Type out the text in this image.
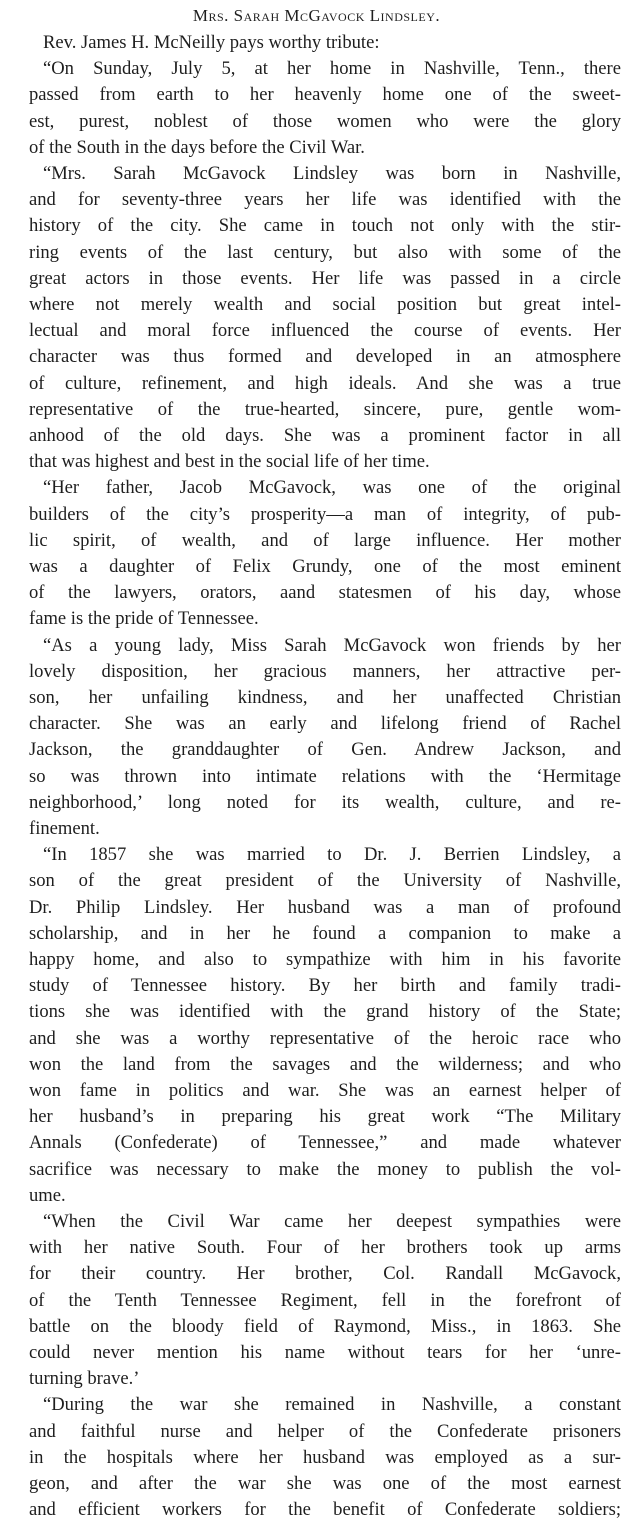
Mrs. Sarah McGavock Lindsley.
Rev. James H. McNeilly pays worthy tribute:
“On Sunday, July 5, at her home in Nashville, Tenn., there
passed from earth to her heavenly home one of the sweet-
est, purest, noblest of those women who were the glory
of the South in the days before the Civil War.
“Mrs. Sarah McGavock Lindsley was born in Nashville,
and for seventy-three years her life was identified with the
history of the city. She came in touch not only with the stir-
ring events of the last century, but also with some of the
great actors in those events. Her life was passed in a circle
where not merely wealth and social position but great intel-
lectual and moral force influenced the course of events. Her
character was thus formed and developed in an atmosphere
of culture, refinement, and high ideals. And she was a true
representative of the true-hearted, sincere, pure, gentle wom-
anhood of the old days. She was a prominent factor in all
that was highest and best in the social life of her time.
“Her father, Jacob McGavock, was one of the original
builders of the city’s prosperity—a man of integrity, of pub-
lic spirit, of wealth, and of large influence. Her mother
was a daughter of Felix Grundy, one of the most eminent
of the lawyers, orators, aand statesmen of his day, whose
fame is the pride of Tennessee.
“As a young lady, Miss Sarah McGavock won friends by her
lovely disposition, her gracious manners, her attractive per-
son, her unfailing kindness, and her unaffected Christian
character. She was an early and lifelong friend of Rachel
Jackson, the granddaughter of Gen. Andrew Jackson, and
so was thrown into intimate relations with the ‘Hermitage
neighborhood,’ long noted for its wealth, culture, and re-
finement.
“In 1857 she was married to Dr. J. Berrien Lindsley, a
son of the great president of the University of Nashville,
Dr. Philip Lindsley. Her husband was a man of profound
scholarship, and in her he found a companion to make a
happy home, and also to sympathize with him in his favorite
study of Tennessee history. By her birth and family tradi-
tions she was identified with the grand history of the State;
and she was a worthy representative of the heroic race who
won the land from the savages and the wilderness; and who
won fame in politics and war. She was an earnest helper of
her husband’s in preparing his great work “The Military
Annals (Confederate) of Tennessee,” and made whatever
sacrifice was necessary to make the money to publish the vol-
ume.
“When the Civil War came her deepest sympathies were
with her native South. Four of her brothers took up arms
for their country. Her brother, Col. Randall McGavock,
of the Tenth Tennessee Regiment, fell in the forefront of
battle on the bloody field of Raymond, Miss., in 1863. She
could never mention his name without tears for her ‘unre-
turning brave.’
“During the war she remained in Nashville, a constant
and faithful nurse and helper of the Confederate prisoners
in the hospitals where her husband was employed as a sur-
geon, and after the war she was one of the most earnest
and efficient workers for the benefit of Confederate soldiers;
